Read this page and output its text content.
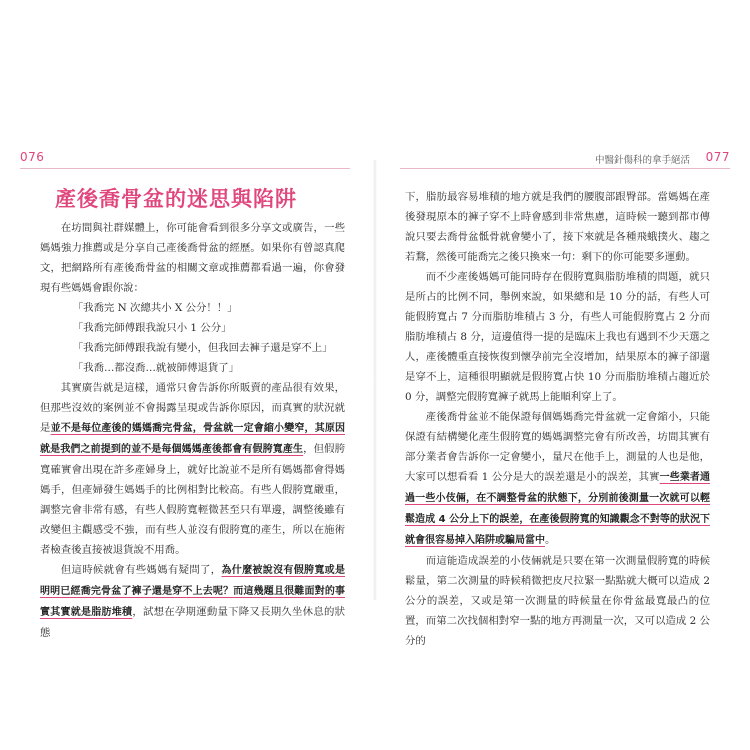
076
產後喬骨盆的迷思與陷阱

在坊間與社群媒體上，你可能會看到很多分享文或廣告，一些媽媽強力推薦或是分享自己產後喬骨盆的經歷。如果你有曾認真爬文，把網路所有產後喬骨盆的相關文章或推薦都看過一遍，你會發現有些媽媽會跟你說：

「我喬完 N 次總共小 X 公分！！」

「我喬完師傅跟我說只小 1 公分」

「我喬完師傅跟我說有變小，但我回去褲子還是穿不上」

「我喬…都沒喬…就被師傅退貨了」

其實廣告就是這樣，通常只會告訴你所販賣的產品很有效果，但那些沒效的案例並不會揭露呈現或告訴你原因，而真實的狀況就是並不是每位產後的媽媽喬完骨盆，骨盆就一定會縮小變窄，其原因就是我們之前提到的並不是每個媽媽產後都會有假胯寬產生，但假胯寬確實會出現在許多產婦身上，就好比說並不是所有媽媽都會得媽媽手，但產婦發生媽媽手的比例相對比較高。有些人假胯寬嚴重，調整完會非常有感，有些人假胯寬輕微甚至只有單邊，調整後雖有改變但主觀感受不強，而有些人並沒有假胯寬的產生，所以在施術者檢查後直接被退貨說不用喬。

但這時候就會有些媽媽有疑問了，為什麼被說沒有假胯寬或是明明已經喬完骨盆了褲子還是穿不上去呢？而這幾題且很難面對的事實其實就是脂肪堆積，試想在孕期運動量下降又長期久坐休息的狀態

中醫針傷科的拿手絕活 077

下，脂肪最容易堆積的地方就是我們的腰腹部跟臀部。當媽媽在產後發現原本的褲子穿不上時會感到非常焦慮，這時候一聽到都市傳說只要去喬骨盆骶骨就會變小了，接下來就是各種飛蛾撲火、趨之若鶩，然後可能喬完之後只換來一句：剩下的你可能要多運動。

而不少產後媽媽可能同時存在假胯寬與脂肪堆積的問題，就只是所占的比例不同，舉例來說，如果總和是 10 分的話，有些人可能假胯寬占 7 分而脂肪堆積占 3 分，有些人可能假胯寬占 2 分而脂肪堆積占 8 分，這邊值得一提的是臨床上我也有遇到不少天選之人，產後體重直接恢復到懷孕前完全沒增加，結果原本的褲子卻還是穿不上，這種很明顯就是假胯寬占快 10 分而脂肪堆積占趨近於 0 分，調整完假胯寬褲子就馬上能順利穿上了。

產後喬骨盆並不能保證每個媽媽喬完骨盆就一定會縮小，只能保證有結構變化產生假胯寬的媽媽調整完會有所改善，坊間其實有部分業者會告訴你一定會變小，量尺在他手上，測量的人也是他，大家可以想看看 1 公分是大的誤差還是小的誤差，其實一些業者通過一些小伎倆，在不調整骨盆的狀態下，分別前後測量一次就可以輕鬆造成 4 公分上下的誤差，在產後假胯寬的知識觀念不對等的狀況下就會很容易掉入陷阱或騙局當中。

而這能造成誤差的小伎倆就是只要在第一次測量假胯寬的時候鬆量，第二次測量的時候稍微把皮尺拉緊一點點就大概可以造成 2 公分的誤差，又或是第一次測量的時候量在你骨盆最寬最凸的位置，而第二次找個相對窄一點的地方再測量一次，又可以造成 2 公分的
